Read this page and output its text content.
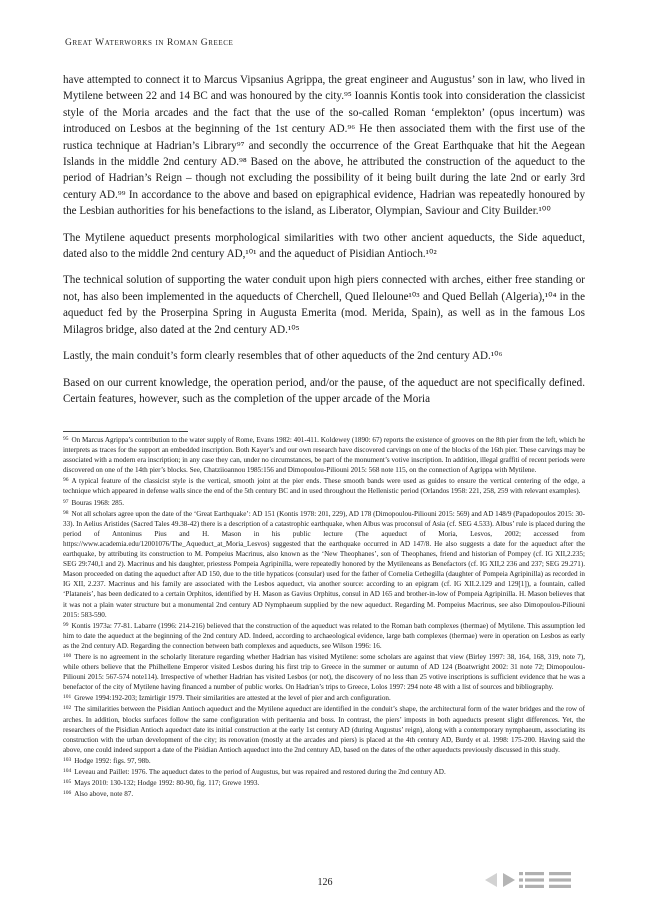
Great Waterworks in Roman Greece

have attempted to connect it to Marcus Vipsanius Agrippa, the great engineer and Augustus’ son in law, who lived in Mytilene between 22 and 14 BC and was honoured by the city.⁹⁵ Ioannis Kontis took into consideration the classicist style of the Moria arcades and the fact that the use of the so-called Roman ‘emplekton’ (opus incertum) was introduced on Lesbos at the beginning of the 1st century AD.⁹⁶ He then associated them with the first use of the rustica technique at Hadrian’s Library⁹⁷ and secondly the occurrence of the Great Earthquake that hit the Aegean Islands in the middle 2nd century AD.⁹⁸ Based on the above, he attributed the construction of the aqueduct to the period of Hadrian’s Reign – though not excluding the possibility of it being built during the late 2nd or early 3rd century AD.⁹⁹ In accordance to the above and based on epigraphical evidence, Hadrian was repeatedly honoured by the Lesbian authorities for his benefactions to the island, as Liberator, Olympian, Saviour and City Builder.¹⁰⁰

The Mytilene aqueduct presents morphological similarities with two other ancient aqueducts, the Side aqueduct, dated also to the middle 2nd century AD,¹⁰¹ and the aqueduct of Pisidian Antioch.¹⁰²

The technical solution of supporting the water conduit upon high piers connected with arches, either free standing or not, has also been implemented in the aqueducts of Cherchell, Qued Ileloune¹⁰³ and Qued Bellah (Algeria),¹⁰⁴ in the aqueduct fed by the Proserpina Spring in Augusta Emerita (mod. Merida, Spain), as well as in the famous Los Milagros bridge, also dated at the 2nd century AD.¹⁰⁵

Lastly, the main conduit’s form clearly resembles that of other aqueducts of the 2nd century AD.¹⁰⁶

Based on our current knowledge, the operation period, and/or the pause, of the aqueduct are not specifically defined. Certain features, however, such as the completion of the upper arcade of the Moria

$^{95}$ On Marcus Agrippa’s contribution to the water supply of Rome, Evans 1982: 401-411. Koldewey (1890: 67) reports the existence of grooves on the 8th pier from the left, which he interprets as traces for the support an embedded inscription. Both Kayer’s and our own research have discovered carvings on one of the blocks of the 16th pier. These carvings may be associated with a modern era inscription; in any case they can, under no circumstances, be part of the monument’s votive inscription. In addition, illegal graffiti of recent periods were discovered on one of the 14th pier’s blocks. See, Chatziioannou 1985:156 and Dimopoulou-Piliouni 2015: 568 note 115, on the connection of Agrippa with Mytilene.

$^{96}$ A typical feature of the classicist style is the vertical, smooth joint at the pier ends. These smooth bands were used as guides to ensure the vertical centering of the edge, a technique which appeared in defense walls since the end of the 5th century BC and in used throughout the Hellenistic period (Orlandos 1958: 221, 258, 259 with relevant examples).

$^{97}$ Bouras 1968: 285.

$^{98}$ Not all scholars agree upon the date of the ‘Great Earthquake’: AD 151 (Kontis 1978: 201, 229), AD 178 (Dimopoulou-Piliouni 2015: 569) and AD 148/9 (Papadopoulos 2015: 30-33). In Aelius Aristides (Sacred Tales 49.38-42) there is a description of a catastrophic earthquake, when Albus was proconsul of Asia (cf. SEG 4.533). Albus’ rule is placed during the period of Antoninus Pius and H. Mason in his public lecture (The aqueduct of Moria, Lesvos, 2002; accessed from https://www.academia.edu/12001076/The_Aqueduct_at_Moria_Lesvos) suggested that the earthquake occurred in AD 147/8. He also suggests a date for the aqueduct after the earthquake, by attributing its construction to M. Pompeius Macrinus, also known as the ‘New Theophanes’, son of Theophanes, friend and historian of Pompey (cf. IG XII,2.235; SEG 29:740,1 and 2). Macrinus and his daughter, priestess Pompeia Agripinilla, were repeatedly honored by the Mytileneans as Benefactors (cf. IG XII,2 236 and 237; SEG 29.271). Mason proceeded on dating the aqueduct after AD 150, due to the title hypaticos (consular) used for the father of Cornelia Cethegilla (daughter of Pompeia Agripinilla) as recorded in IG XII, 2.237. Macrinus and his family are associated with the Lesbos aqueduct, via another source: according to an epigram (cf. IG XII.2.129 and 129[1]), a fountain, called ‘Plataneis’, has been dedicated to a certain Orphitos, identified by H. Mason as Gavius Orphitus, consul in AD 165 and brother-in-low of Pompeia Agripinilla. H. Mason believes that it was not a plain water structure but a monumental 2nd century AD Nymphaeum supplied by the new aqueduct. Regarding M. Pompeius Macrinus, see also Dimopoulou-Piliouni 2015: 583-590.

$^{99}$ Kontis 1973a: 77-81. Labarre (1996: 214-216) believed that the construction of the aqueduct was related to the Roman bath complexes (thermae) of Mytilene. This assumption led him to date the aqueduct at the beginning of the 2nd century AD. Indeed, according to archaeological evidence, large bath complexes (thermae) were in operation on Lesbos as early as the 2nd century AD. Regarding the connection between bath complexes and aqueducts, see Wilson 1996: 16.

$^{100}$ There is no agreement in the scholarly literature regarding whether Hadrian has visited Mytilene: some scholars are against that view (Birley 1997: 38, 164, 168, 319, note 7), while others believe that the Philhellene Emperor visited Lesbos during his first trip to Greece in the summer or autumn of AD 124 (Boatwright 2002: 31 note 72; Dimopoulou-Piliouni 2015: 567-574 note114). Irrespective of whether Hadrian has visited Lesbos (or not), the discovery of no less than 25 votive inscriptions is sufficient evidence that he was a benefactor of the city of Mytilene having financed a number of public works. On Hadrian’s trips to Greece, Lolos 1997: 294 note 48 with a list of sources and bibliography.

$^{101}$ Grewe 1994:192-203; Izmirligir 1979. Their similarities are attested at the level of pier and arch configuration.

$^{102}$ The similarities between the Pisidian Antioch aqueduct and the Mytilene aqueduct are identified in the conduit’s shape, the architectural form of the water bridges and the row of arches. In addition, blocks surfaces follow the same configuration with peritaenia and boss. In contrast, the piers’ imposts in both aqueducts present slight differences. Yet, the researchers of the Pisidian Antioch aqueduct date its initial construction at the early 1st century AD (during Augustus’ reign), along with a contemporary nymphaeum, associating its construction with the urban development of the city; its renovation (mostly at the arcades and piers) is placed at the 4th century AD, Burdy et al. 1998: 175-200. Having said the above, one could indeed support a date of the Pisidian Antioch aqueduct into the 2nd century AD, based on the dates of the other aqueducts previously discussed in this study.

$^{103}$ Hodge 1992: figs. 97, 98b.

$^{104}$ Leveau and Paillet: 1976. The aqueduct dates to the period of Augustus, but was repaired and restored during the 2nd century AD.

$^{105}$ Mays 2010: 130-132; Hodge 1992: 80-90, fig. 117; Grewe 1993.

$^{106}$ Also above, note 87.

126
